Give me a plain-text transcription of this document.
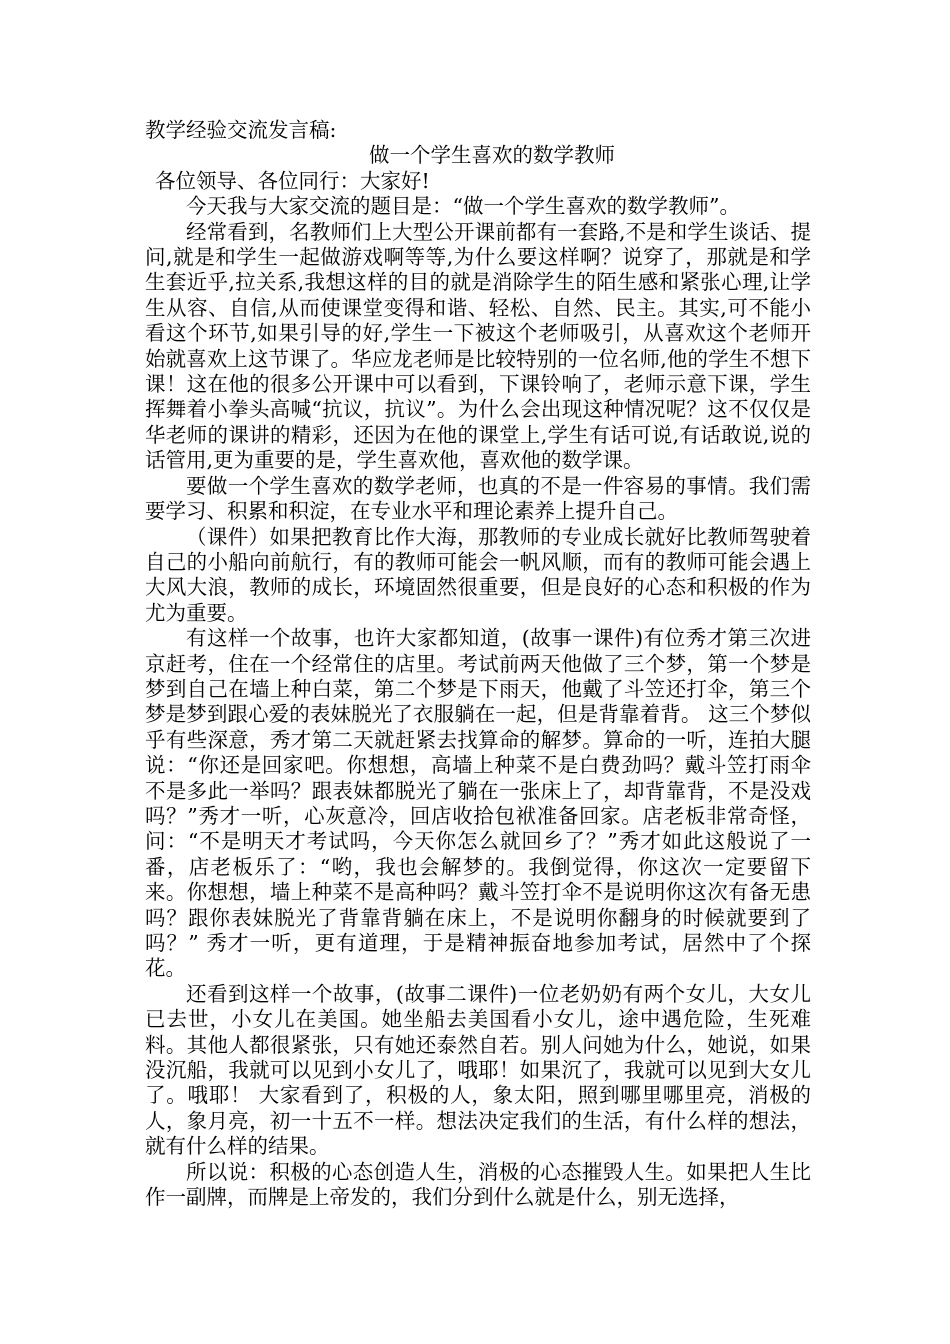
教学经验交流发言稿:
做一个学生喜欢的数学教师

各位领导、各位同行：大家好!

今天我与大家交流的题目是：“做一个学生喜欢的数学教师”。

经常看到，名教师们上大型公开课前都有一套路,不是和学生谈话、提问,就是和学生一起做游戏啊等等,为什么要这样啊？说穿了，那就是和学生套近乎,拉关系,我想这样的目的就是消除学生的陌生感和紧张心理,让学生从容、自信,从而使课堂变得和谐、轻松、自然、民主。其实,可不能小看这个环节,如果引导的好,学生一下被这个老师吸引，从喜欢这个老师开始就喜欢上这节课了。华应龙老师是比较特别的一位名师,他的学生不想下课！这在他的很多公开课中可以看到，下课铃响了，老师示意下课，学生挥舞着小拳头高喊“抗议，抗议”。为什么会出现这种情况呢？这不仅仅是华老师的课讲的精彩，还因为在他的课堂上,学生有话可说,有话敢说,说的话管用,更为重要的是，学生喜欢他，喜欢他的数学课。

要做一个学生喜欢的数学老师，也真的不是一件容易的事情。我们需要学习、积累和积淀，在专业水平和理论素养上提升自己。

（课件）如果把教育比作大海，那教师的专业成长就好比教师驾驶着自己的小船向前航行，有的教师可能会一帆风顺，而有的教师可能会遇上大风大浪，教师的成长，环境固然很重要，但是良好的心态和积极的作为尤为重要。

有这样一个故事，也许大家都知道，(故事一课件)有位秀才第三次进京赶考，住在一个经常住的店里。考试前两天他做了三个梦，第一个梦是梦到自己在墙上种白菜，第二个梦是下雨天，他戴了斗笠还打伞，第三个梦是梦到跟心爱的表妹脱光了衣服躺在一起，但是背靠着背。 这三个梦似乎有些深意，秀才第二天就赶紧去找算命的解梦。算命的一听，连拍大腿说：“你还是回家吧。你想想，高墙上种菜不是白费劲吗？戴斗笠打雨伞不是多此一举吗？跟表妹都脱光了躺在一张床上了，却背靠背，不是没戏吗？”秀才一听，心灰意冷，回店收拾包袱准备回家。店老板非常奇怪，问：“不是明天才考试吗，今天你怎么就回乡了？”秀才如此这般说了一番，店老板乐了：“哟，我也会解梦的。我倒觉得，你这次一定要留下来。你想想，墙上种菜不是高种吗？戴斗笠打伞不是说明你这次有备无患吗？跟你表妹脱光了背靠背躺在床上，不是说明你翻身的时候就要到了吗？” 秀才一听，更有道理，于是精神振奋地参加考试，居然中了个探花。

还看到这样一个故事，(故事二课件)一位老奶奶有两个女儿，大女儿已去世，小女儿在美国。她坐船去美国看小女儿，途中遇危险，生死难料。其他人都很紧张，只有她还泰然自若。别人问她为什么，她说，如果没沉船，我就可以见到小女儿了，哦耶！如果沉了，我就可以见到大女儿了。哦耶！ 大家看到了，积极的人，象太阳，照到哪里哪里亮，消极的人，象月亮，初一十五不一样。想法决定我们的生活，有什么样的想法，就有什么样的结果。

所以说：积极的心态创造人生，消极的心态摧毁人生。如果把人生比作一副牌，而牌是上帝发的，我们分到什么就是什么，别无选择，
